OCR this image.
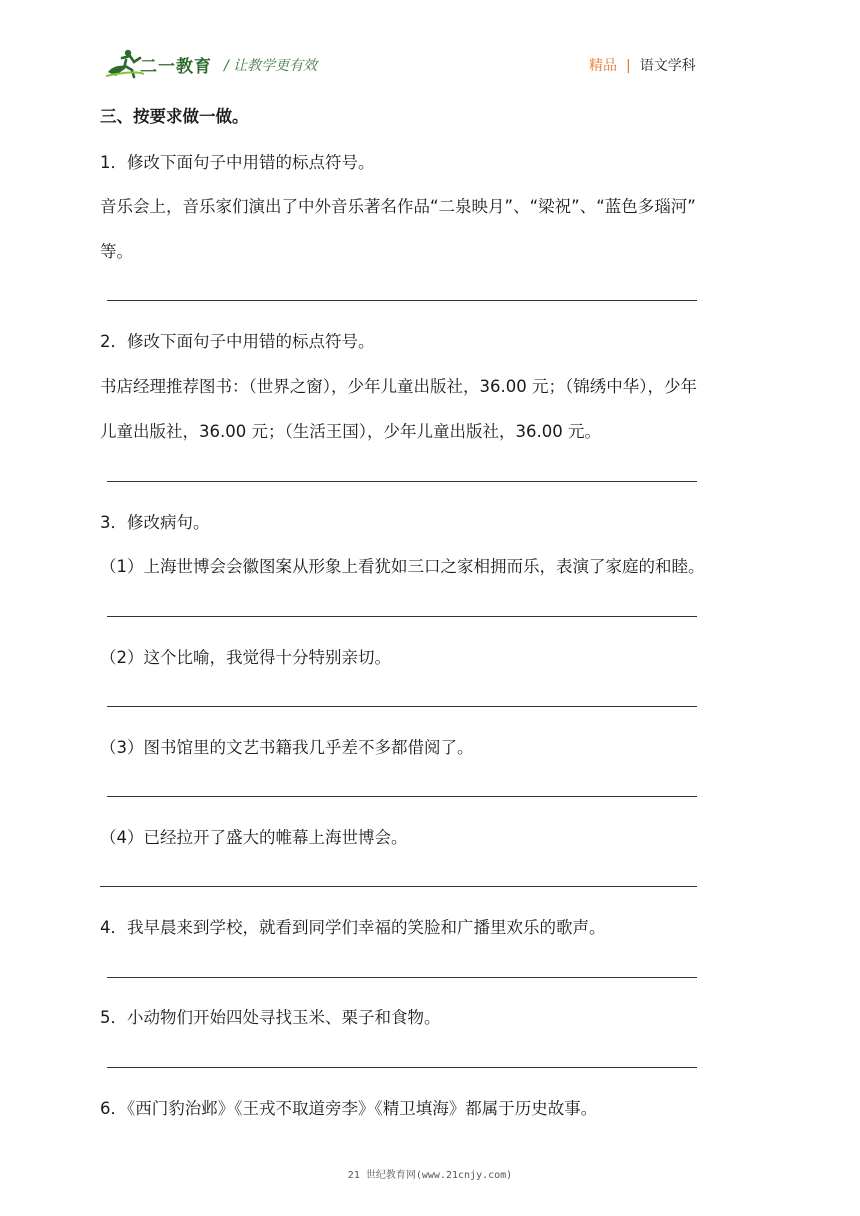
二一教育 / 让教学更有效	精品 | 语文学科
三、按要求做一做。
1．修改下面句子中用错的标点符号。
音乐会上，音乐家们演出了中外音乐著名作品“二泉映月”、“梁祝”、“蓝色多瑙河”
等。
2．修改下面句子中用错的标点符号。
书店经理推荐图书：（世界之窗），少年儿童出版社，36.00 元；（锦绣中华），少年
儿童出版社，36.00 元；（生活王国），少年儿童出版社，36.00 元。
3．修改病句。
（1）上海世博会会徽图案从形象上看犹如三口之家相拥而乐，表演了家庭的和睦。
（2）这个比喻，我觉得十分特别亲切。
（3）图书馆里的文艺书籍我几乎差不多都借阅了。
（4）已经拉开了盛大的帷幕上海世博会。
4．我早晨来到学校，就看到同学们幸福的笑脸和广播里欢乐的歌声。
5．小动物们开始四处寻找玉米、栗子和食物。
6．《西门豹治邺》《王戎不取道旁李》《精卫填海》都属于历史故事。
21 世纪教育网(www.21cnjy.com)
